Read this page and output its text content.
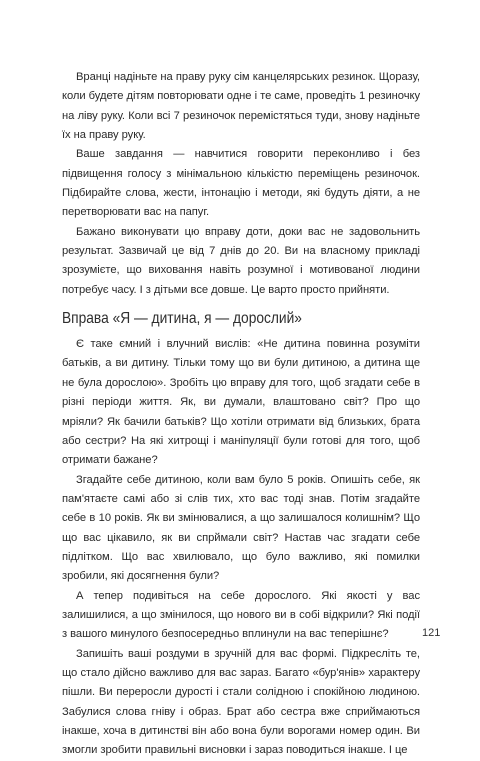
Вранці надіньте на праву руку сім канцелярських резинок. Щоразу, коли будете дітям повторювати одне і те саме, проведіть 1 резиночку на ліву руку. Коли всі 7 резиночок перемістяться туди, знову надіньте їх на праву руку.

Ваше завдання — навчитися говорити переконливо і без підвищення голосу з мінімальною кількістю переміщень резиночок. Підбирайте слова, жести, інтонацію і методи, які будуть діяти, а не перетворювати вас на папуг.

Бажано виконувати цю вправу доти, доки вас не задовольнить результат. Зазвичай це від 7 днів до 20. Ви на власному прикладі зрозумієте, що виховання навіть розумної і мотивованої людини потребує часу. І з дітьми все довше. Це варто просто прийняти.

Вправа «Я — дитина, я — дорослий»

Є таке ємний і влучний вислів: «Не дитина повинна розуміти батьків, а ви дитину. Тільки тому що ви були дитиною, а дитина ще не була дорослою». Зробіть цю вправу для того, щоб згадати себе в різні періоди життя. Як, ви думали, влаштовано світ? Про що мріяли? Як бачили батьків? Що хотіли отримати від близьких, брата або сестри? На які хитрощі і маніпуляції були готові для того, щоб отримати бажане?

Згадайте себе дитиною, коли вам було 5 років. Опишіть себе, як пам'ятаєте самі або зі слів тих, хто вас тоді знав. Потім згадайте себе в 10 років. Як ви змінювалися, а що залишалося колишнім? Що що вас цікавило, як ви спрймали світ? Настав час згадати себе підлітком. Що вас хвилювало, що було важливо, які помилки зробили, які досягнення були?

А тепер подивіться на себе дорослого. Які якості у вас залишилися, а що змінилося, що нового ви в собі відкрили? Які події з вашого минулого безпосередньо вплинули на вас теперішнє?

Запишіть ваші роздуми в зручній для вас формі. Підкресліть те, що стало дійсно важливо для вас зараз. Багато «бур'янів» характеру пішли. Ви переросли дурості і стали солідною і спокійною людиною. Забулися слова гніву і образ. Брат або сестра вже сприймаються інакше, хоча в дитинстві він або вона були ворогами номер один. Ви змогли зробити правильні висновки і зараз поводиться інакше. І це

121
